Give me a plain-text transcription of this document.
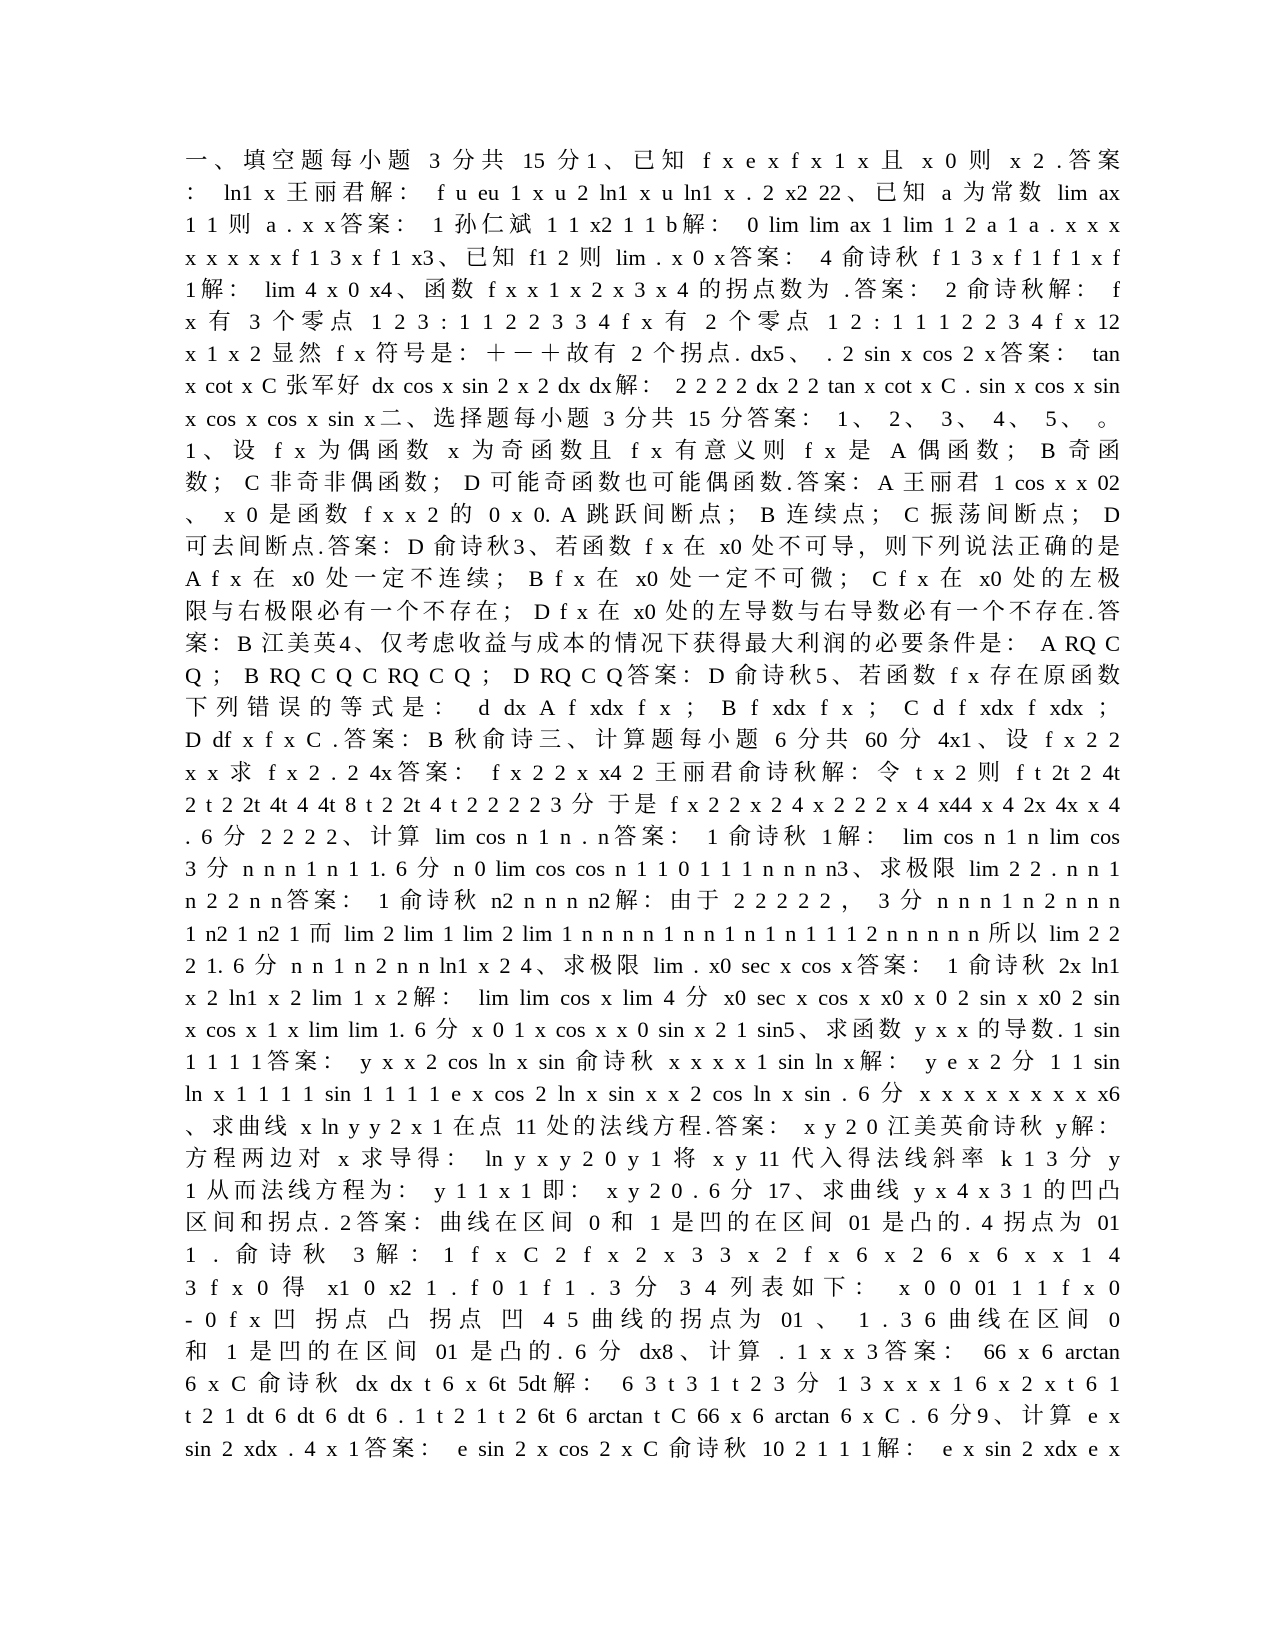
一、填空题每小题 3 分共 15 分1、已知 f x e x f x 1 x 且 x 0 则 x 2 .答案
： ln1 x 王丽君解： f u eu 1 x u 2 ln1 x u ln1 x . 2 x2 22、已知 a 为常数 lim ax
1 1 则 a . x x答案： 1 孙仁斌 1 1 x2 1 1 b解： 0 lim lim ax 1 lim 1 2 a 1 a . x x x
x x x x x f 1 3 x f 1 x3、已知 f1 2 则 lim . x 0 x答案： 4 俞诗秋 f 1 3 x f 1 f 1 x f
1解： lim 4 x 0 x4、函数 f x x 1 x 2 x 3 x 4 的拐点数为 .答案： 2 俞诗秋解： f
x 有 3 个零点 1 2 3 : 1 1 2 2 3 3 4 f x 有 2 个零点 1 2 : 1 1 1 2 2 3 4 f x 12
x 1 x 2 显然 f x 符号是：＋－＋故有 2 个拐点. dx5、 . 2 sin x cos 2 x答案： tan
x cot x C 张军好 dx cos x sin 2 x 2 dx dx解： 2 2 2 2 dx 2 2 tan x cot x C . sin x cos x sin
x cos x cos x sin x二、选择题每小题 3 分共 15 分答案： 1、 2、 3、 4、 5、 。
1、设 f x 为偶函数 x 为奇函数且 f x 有意义则 f x 是 A 偶函数； B 奇函
数； C 非奇非偶函数； D 可能奇函数也可能偶函数.答案：A 王丽君 1 cos x x 02
、 x 0 是函数 f x x 2 的 0 x 0. A 跳跃间断点； B 连续点； C 振荡间断点； D
可去间断点.答案：D 俞诗秋3、若函数 f x 在 x0 处不可导，则下列说法正确的是
A f x 在 x0 处一定不连续； B f x 在 x0 处一定不可微； C f x 在 x0 处的左极
限与右极限必有一个不存在； D f x 在 x0 处的左导数与右导数必有一个不存在.答
案：B 江美英4、仅考虑收益与成本的情况下获得最大利润的必要条件是： A RQ C
Q ； B RQ C Q C RQ C Q ； D RQ C Q答案：D 俞诗秋5、若函数 f x 存在原函数
下列错误的等式是： d dx A f xdx f x ； B f xdx f x ； C d f xdx f xdx ；
D df x f x C .答案：B 秋俞诗三、计算题每小题 6 分共 60 分 4x1、设 f x 2 2
x x 求 f x 2 . 2 4x答案： f x 2 2 x x4 2 王丽君俞诗秋解：令 t x 2 则 f t 2t 2 4t
2 t 2 2t 4t 4 4t 8 t 2 2t 4 t 2 2 2 2 3 分 于是 f x 2 2 x 2 4 x 2 2 2 x 4 x44 x 4 2x 4x x 4
. 6 分 2 2 2 2、计算 lim cos n 1 n . n答案： 1 俞诗秋 1解： lim cos n 1 n lim cos
3 分 n n n 1 n 1 1. 6 分 n 0 lim cos cos n 1 1 0 1 1 1 n n n n3、求极限 lim 2 2 . n n 1
n 2 2 n n答案： 1 俞诗秋 n2 n n n n2解：由于 2 2 2 2 2 ， 3 分 n n n 1 n 2 n n n
1 n2 1 n2 1 而 lim 2 lim 1 lim 2 lim 1 n n n n 1 n n 1 n 1 n 1 1 1 2 n n n n n 所以 lim 2 2
2 1. 6 分 n n 1 n 2 n n ln1 x 2 4、求极限 lim . x0 sec x cos x答案： 1 俞诗秋 2x ln1
x 2 ln1 x 2 lim 1 x 2解： lim lim cos x lim 4 分 x0 sec x cos x x0 x 0 2 sin x x0 2 sin
x cos x 1 x lim lim 1. 6 分 x 0 1 x cos x x 0 sin x 2 1 sin5、求函数 y x x 的导数. 1 sin
1 1 1 1答案： y x x 2 cos ln x sin 俞诗秋 x x x x 1 sin ln x解： y e x 2 分 1 1 sin
ln x 1 1 1 1 sin 1 1 1 1 e x cos 2 ln x sin x x 2 cos ln x sin . 6 分 x x x x x x x x x6
、求曲线 x ln y y 2 x 1 在点 11 处的法线方程.答案： x y 2 0 江美英俞诗秋 y解：
方程两边对 x 求导得： ln y x y 2 0 y 1 将 x y 11 代入得法线斜率 k 1 3 分 y
1 从而法线方程为： y 1 1 x 1 即： x y 2 0 . 6 分 17、求曲线 y x 4 x 3 1 的凹凸
区间和拐点. 2答案：曲线在区间 0 和 1 是凹的在区间 01 是凸的. 4 拐点为 01
1 . 俞诗秋 3解：1 f x C 2 f x 2 x 3 3 x 2 f x 6 x 2 6 x 6 x x 1 4
3 f x 0 得 x1 0 x2 1 . f 0 1 f 1 . 3 分 3 4 列表如下： x 0 0 01 1 1 f x 0
- 0 f x 凹 拐点 凸 拐点 凹 4 5 曲线的拐点为 01 、 1 . 3 6 曲线在区间 0
和 1 是凹的在区间 01 是凸的. 6 分 dx8、计算 . 1 x x 3答案： 66 x 6 arctan
6 x C 俞诗秋 dx dx t 6 x 6t 5dt解： 6 3 t 3 1 t 2 3 分 1 3 x x x 1 6 x 2 x t 6 1
t 2 1 dt 6 dt 6 dt 6 . 1 t 2 1 t 2 6t 6 arctan t C 66 x 6 arctan 6 x C . 6 分9、计算 e x
sin 2 xdx . 4 x 1答案： e sin 2 x cos 2 x C 俞诗秋 10 2 1 1 1解： e x sin 2 xdx e x
